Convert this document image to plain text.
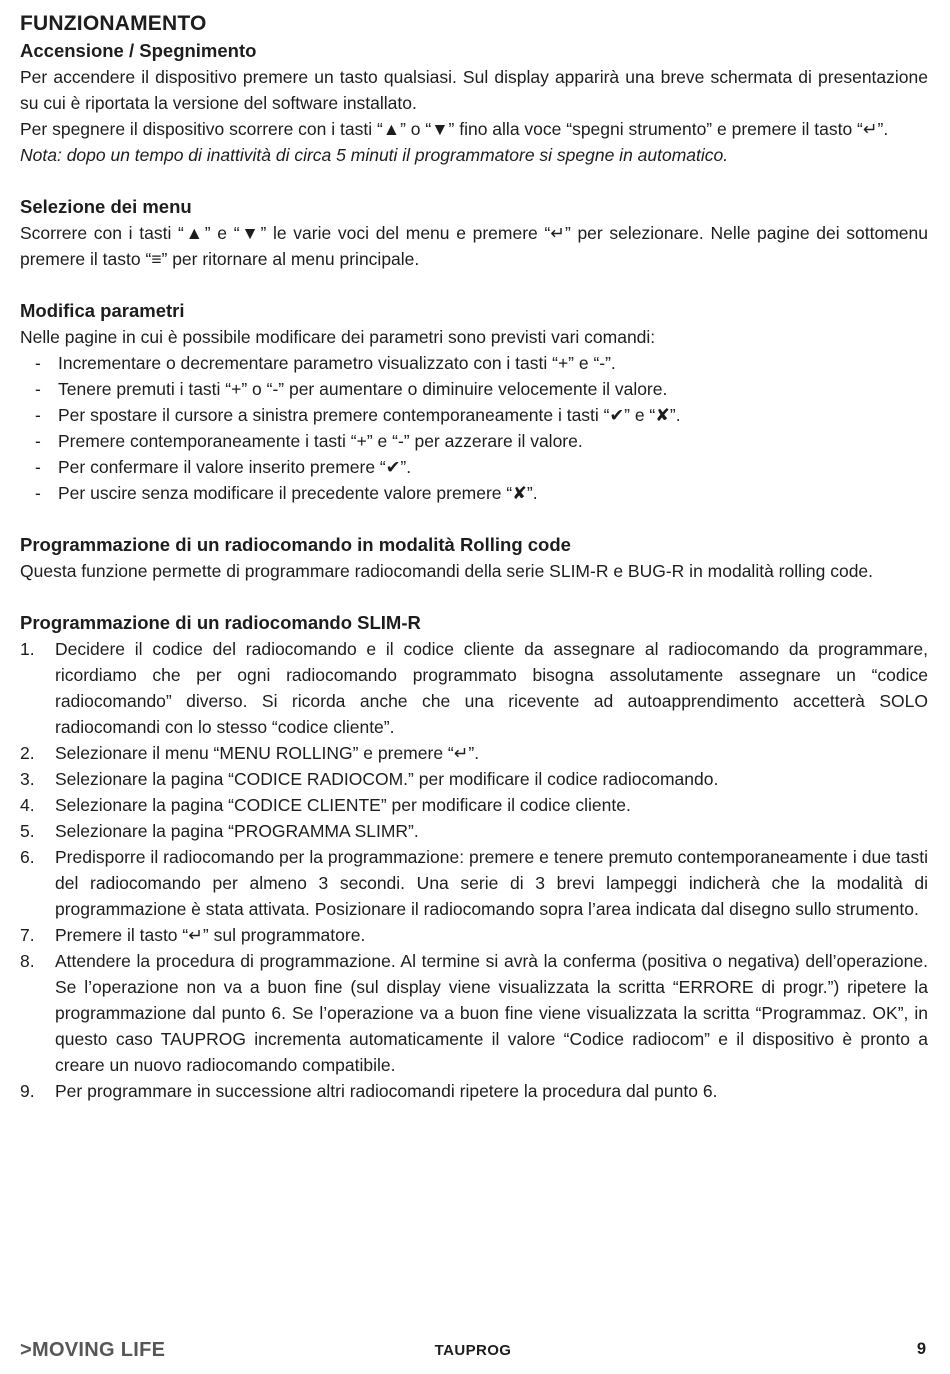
FUNZIONAMENTO
Accensione / Spegnimento

Per accendere il dispositivo premere un tasto qualsiasi. Sul display apparirà una breve schermata di presentazione su cui è riportata la versione del software installato.

Per spegnere il dispositivo scorrere con i tasti “▲” o “▼” fino alla voce “spegni strumento” e premere il tasto “↵”.

Nota: dopo un tempo di inattività di circa 5 minuti il programmatore si spegne in automatico.

Selezione dei menu

Scorrere con i tasti “▲” e “▼” le varie voci del menu e premere “↵” per selezionare. Nelle pagine dei sottomenu premere il tasto “≡” per ritornare al menu principale.

Modifica parametri

Nelle pagine in cui è possibile modificare dei parametri sono previsti vari comandi:

- Incrementare o decrementare parametro visualizzato con i tasti “+” e “-”.
- Tenere premuti i tasti “+” o “-” per aumentare o diminuire velocemente il valore.
- Per spostare il cursore a sinistra premere contemporaneamente i tasti “✔” e “✘”.
- Premere contemporaneamente i tasti “+” e “-” per azzerare il valore.
- Per confermare il valore inserito premere “✔”.
- Per uscire senza modificare il precedente valore premere “✘”.
Programmazione di un radiocomando in modalità Rolling code

Questa funzione permette di programmare radiocomandi della serie SLIM-R e BUG-R in modalità rolling code.

Programmazione di un radiocomando SLIM-R
1.	Decidere il codice del radiocomando e il codice cliente da assegnare al radiocomando da programmare, ricordiamo che per ogni radiocomando programmato bisogna assolutamente assegnare un “codice radiocomando” diverso. Si ricorda anche che una ricevente ad autoapprendimento accetterà SOLO radiocomandi con lo stesso “codice cliente”.
2.	Selezionare il menu “MENU ROLLING” e premere “↵”.
3.	Selezionare la pagina “CODICE RADIOCOM.” per modificare il codice radiocomando.
4.	Selezionare la pagina “CODICE CLIENTE” per modificare il codice cliente.
5.	Selezionare la pagina “PROGRAMMA SLIMR”.
6.	Predisporre il radiocomando per la programmazione: premere e tenere premuto contemporaneamente i due tasti del radiocomando per almeno 3 secondi. Una serie di 3 brevi lampeggi indicherà che la modalità di programmazione è stata attivata. Posizionare il radiocomando sopra l’area indicata dal disegno sullo strumento.
7.	Premere il tasto “↵” sul programmatore.
8.	Attendere la procedura di programmazione. Al termine si avrà la conferma (positiva o negativa) dell’operazione. Se l’operazione non va a buon fine (sul display viene visualizzata la scritta “ERRORE di progr.”) ripetere la programmazione dal punto 6. Se l’operazione va a buon fine viene visualizzata la scritta “Programmaz. OK”, in questo caso TAUPROG incrementa automaticamente il valore “Codice radiocom” e il dispositivo è pronto a creare un nuovo radiocomando compatibile.
9.	Per programmare in successione altri radiocomandi ripetere la procedura dal punto 6.
>MOVING LIFE	TAUPROG	9
